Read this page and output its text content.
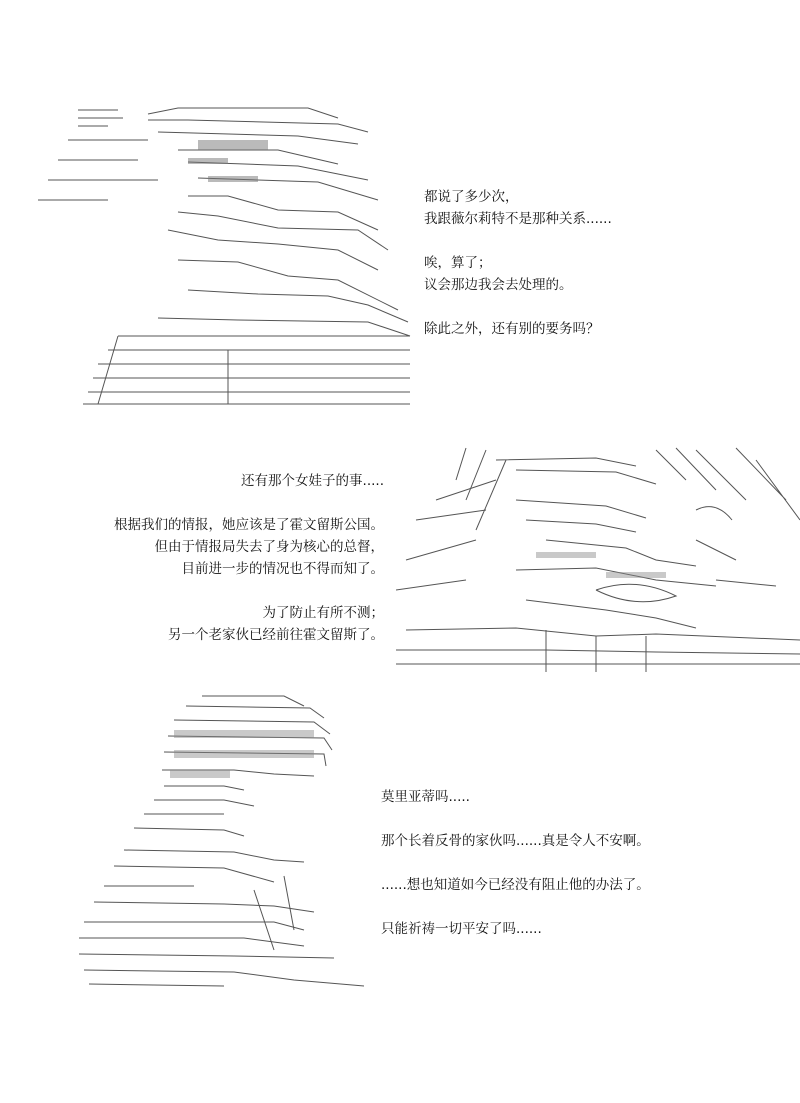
都说了多少次，
我跟薇尔莉特不是那种关系......
唉，算了；
议会那边我会去处理的。
除此之外，还有别的要务吗？
还有那个女娃子的事.....
根据我们的情报，她应该是了霍文留斯公国。
但由于情报局失去了身为核心的总督，
目前进一步的情况也不得而知了。
为了防止有所不测；
另一个老家伙已经前往霍文留斯了。
莫里亚蒂吗.....
那个长着反骨的家伙吗......真是令人不安啊。
......想也知道如今已经没有阻止他的办法了。
只能祈祷一切平安了吗......
